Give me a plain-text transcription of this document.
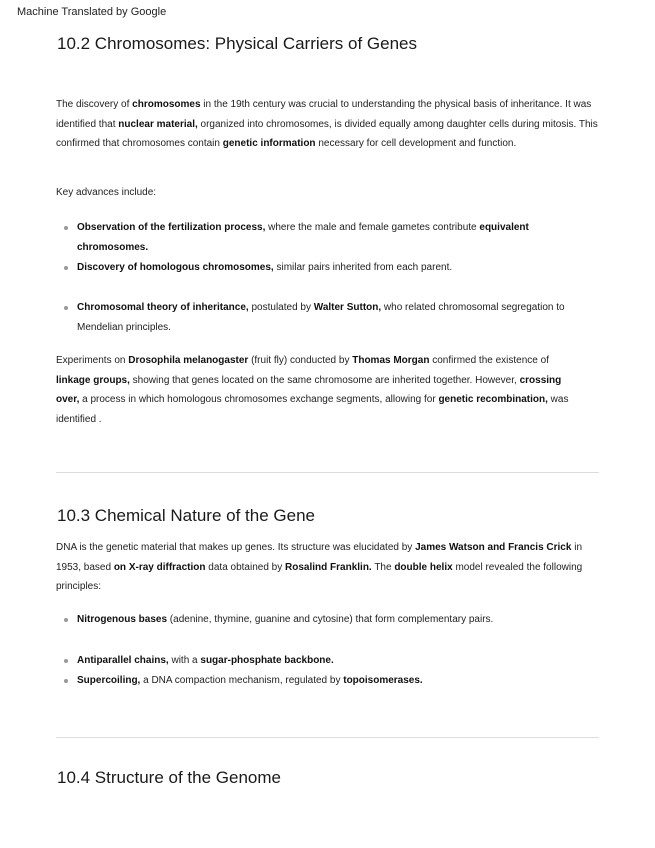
Machine Translated by Google
10.2 Chromosomes: Physical Carriers of Genes

The discovery of chromosomes in the 19th century was crucial to understanding the physical basis of inheritance. It was identified that nuclear material, organized into chromosomes, is divided equally among daughter cells during mitosis. This confirmed that chromosomes contain genetic information necessary for cell development and function.

Key advances include:

Observation of the fertilization process, where the male and female gametes contribute equivalent chromosomes.

Discovery of homologous chromosomes, similar pairs inherited from each parent.

Chromosomal theory of inheritance, postulated by Walter Sutton, who related chromosomal segregation to Mendelian principles.

Experiments on Drosophila melanogaster (fruit fly) conducted by Thomas Morgan confirmed the existence of linkage groups, showing that genes located on the same chromosome are inherited together. However, crossing over, a process in which homologous chromosomes exchange segments, allowing for genetic recombination, was identified .

10.3 Chemical Nature of the Gene

DNA is the genetic material that makes up genes. Its structure was elucidated by James Watson and Francis Crick in 1953, based on X-ray diffraction data obtained by Rosalind Franklin. The double helix model revealed the following principles:

Nitrogenous bases (adenine, thymine, guanine and cytosine) that form complementary pairs.

Antiparallel chains, with a sugar-phosphate backbone.

Supercoiling, a DNA compaction mechanism, regulated by topoisomerases.

10.4 Structure of the Genome
